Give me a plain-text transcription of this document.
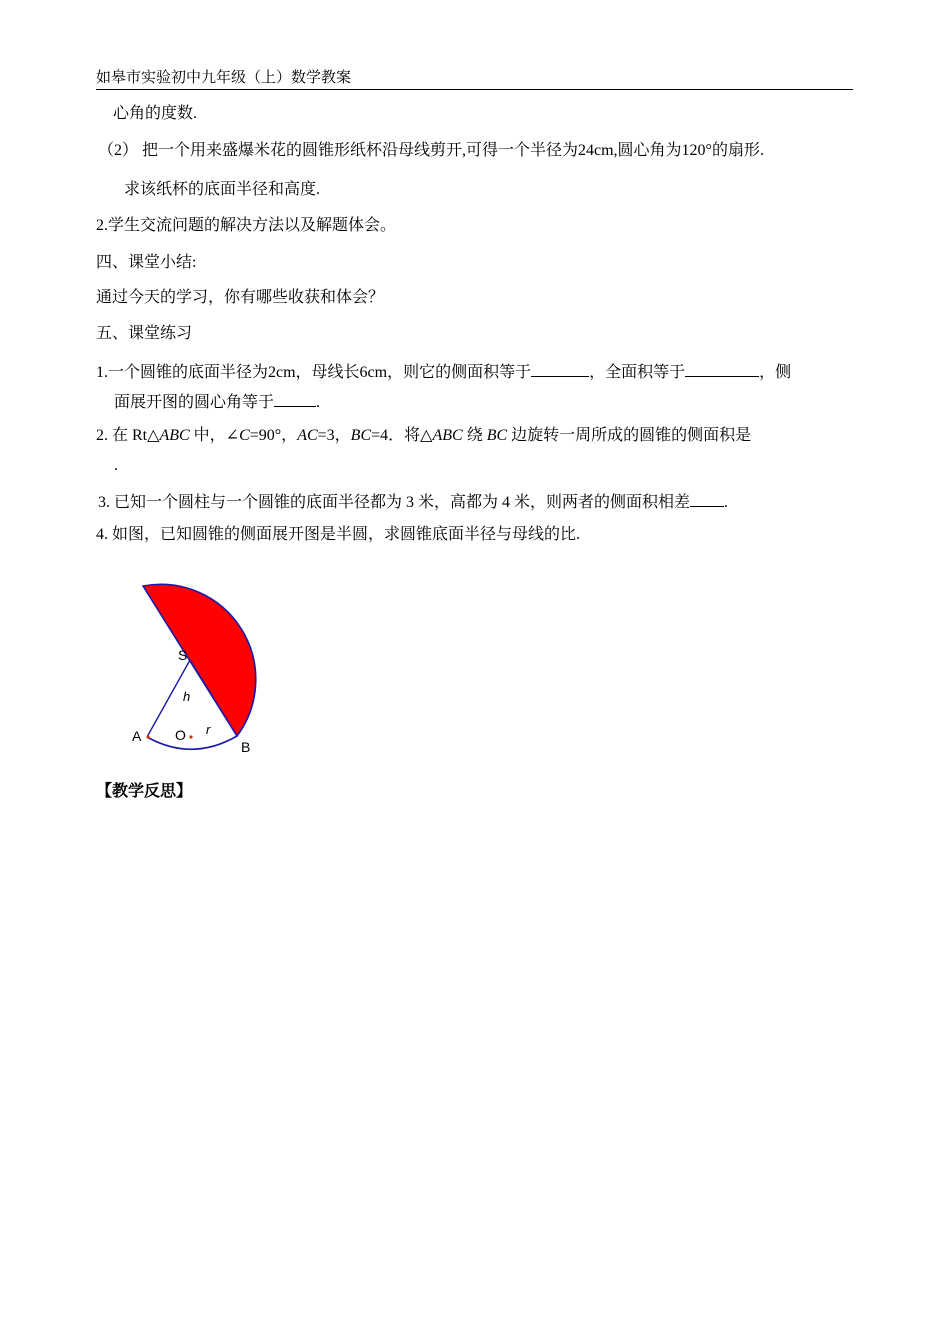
如皋市实验初中九年级（上）数学教案
心角的度数.
（2） 把一个用来盛爆米花的圆锥形纸杯沿母线剪开,可得一个半径为24cm,圆心角为120°的扇形.
求该纸杯的底面半径和高度.
2.学生交流问题的解决方法以及解题体会。
四、课堂小结:
通过今天的学习，你有哪些收获和体会？
五、课堂练习
1.一个圆锥的底面半径为2cm，母线长6cm，则它的侧面积等于	，全面积等于	，侧
面展开图的圆心角等于	.
2. 在 Rt△ABC 中，∠C=90°，AC=3，BC=4．将△ABC 绕 BC 边旋转一周所成的圆锥的侧面积是
.
3. 已知一个圆柱与一个圆锥的底面半径都为 3 米，高都为 4 米，则两者的侧面积相差 .
4. 如图，已知圆锥的侧面展开图是半圆，求圆锥底面半径与母线的比.
S
h
A O r
B
【教学反思】
